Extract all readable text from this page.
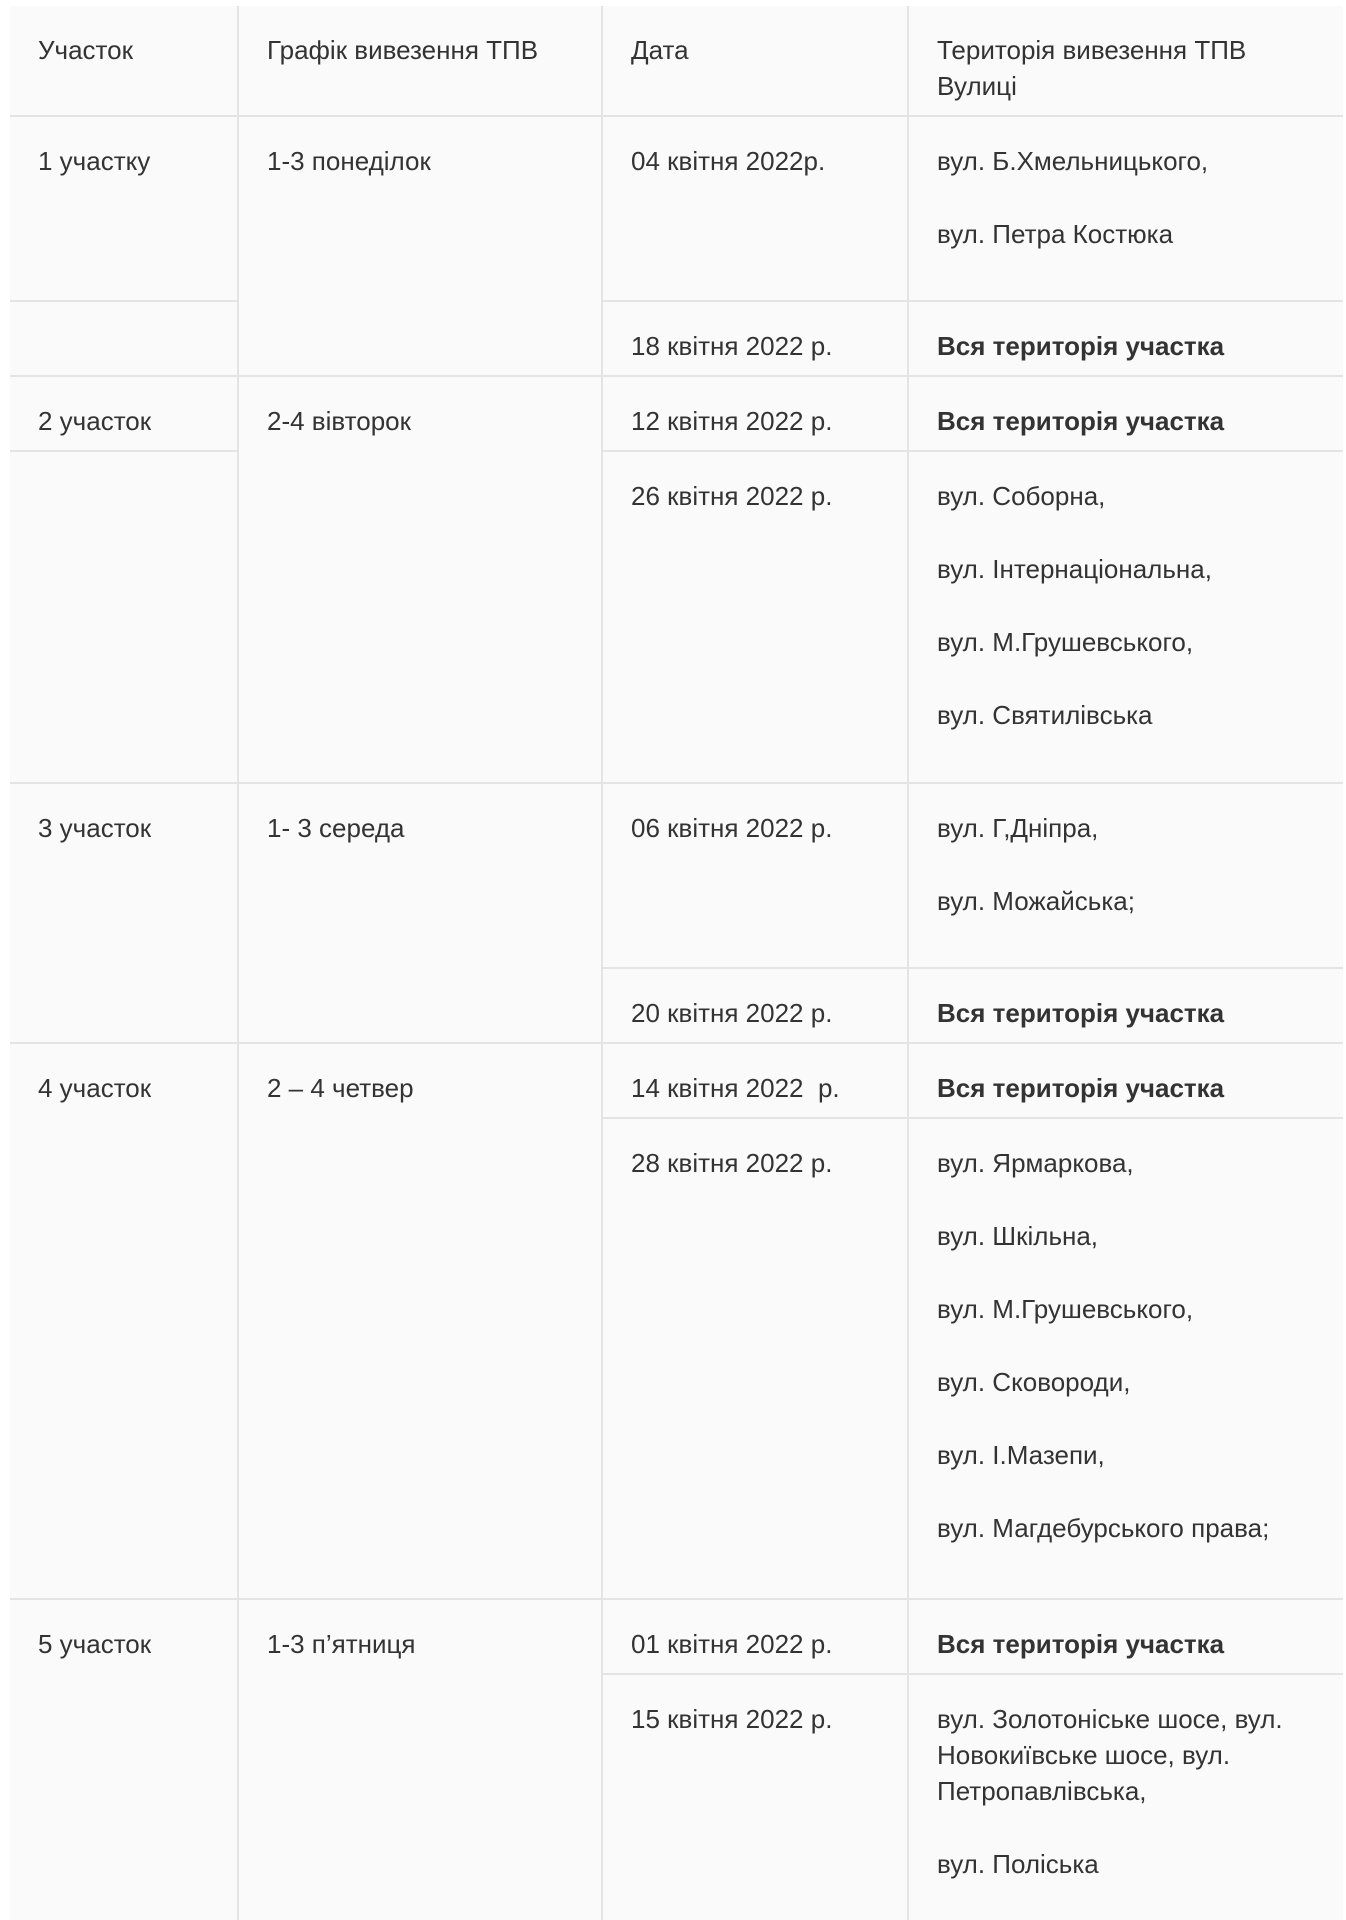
Участок	Графік вивезення ТПВ	Дата	Територія вивезення ТПВ
Вулиці
1 участку	1-3 понеділок	04 квітня 2022р.	вул. Б.Хмельницького,
вул. Петра Костюка
18 квітня 2022 р.	Вся територія участка
2 участок	2-4 вівторок	12 квітня 2022 р.	Вся територія участка
26 квітня 2022 р.	вул. Соборна,
вул. Інтернаціональна,
вул. М.Грушевського,
вул. Святилівська
3 участок	1- 3 середа	06 квітня 2022 р.	вул. Г,Дніпра,
вул. Можайська;
20 квітня 2022 р.	Вся територія участка
4 участок	2 – 4 четвер	14 квітня 2022  р.	Вся територія участка
28 квітня 2022 р.	вул. Ярмаркова,
вул. Шкільна,
вул. М.Грушевського,
вул. Сковороди,
вул. І.Мазепи,
вул. Магдебурського права;
5 участок	1-3 п’ятниця	01 квітня 2022 р.	Вся територія участка
15 квітня 2022 р.	вул. Золотоніське шосе, вул. Новокиївське шосе, вул. Петропавлівська,
вул. Поліська
